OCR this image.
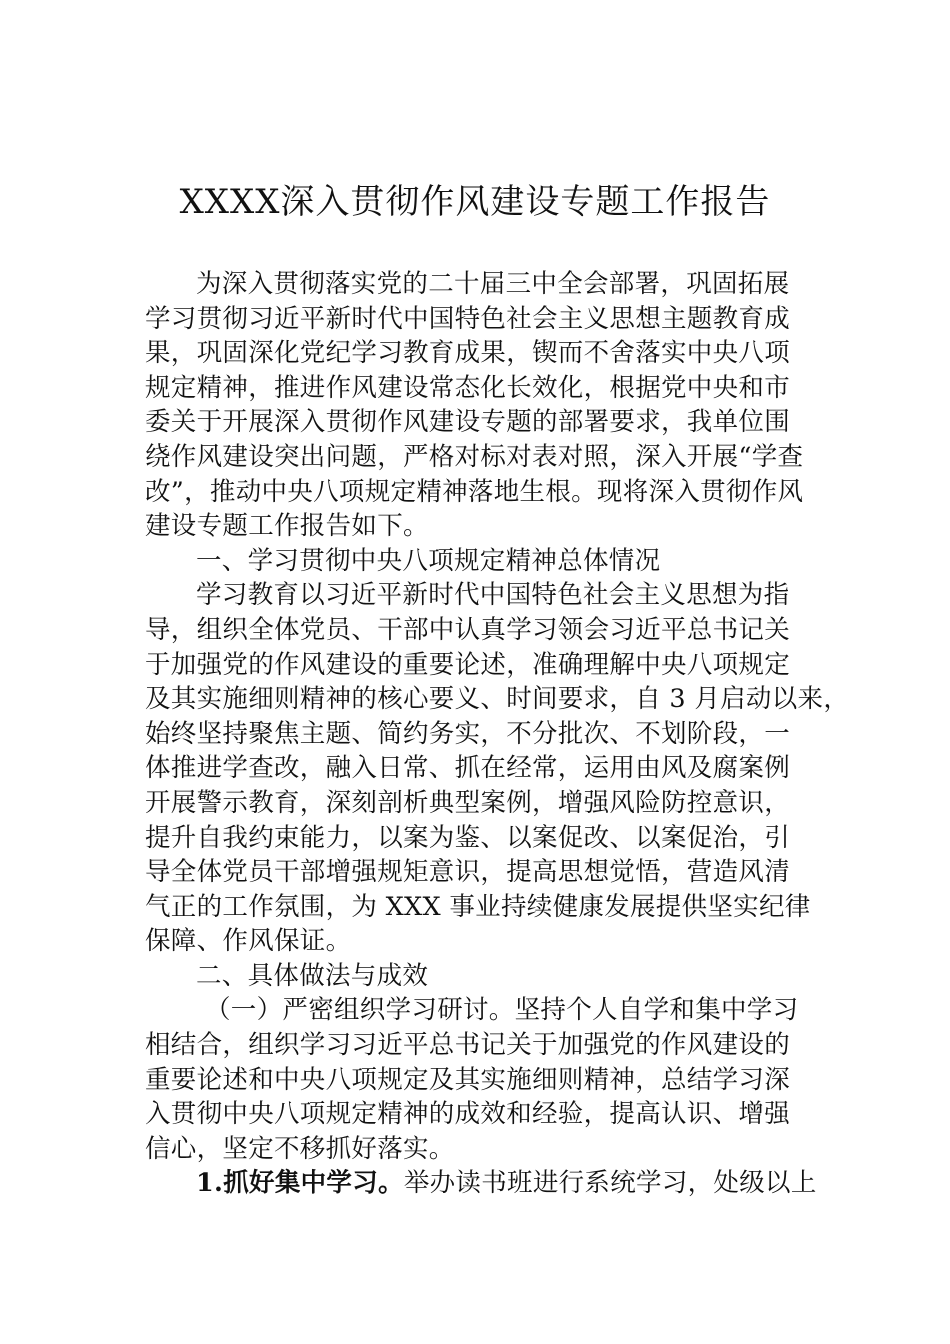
XXXX深入贯彻作风建设专题工作报告
为深入贯彻落实党的二十届三中全会部署，巩固拓展
学习贯彻习近平新时代中国特色社会主义思想主题教育成
果，巩固深化党纪学习教育成果，锲而不舍落实中央八项
规定精神，推进作风建设常态化长效化，根据党中央和市
委关于开展深入贯彻作风建设专题的部署要求，我单位围
绕作风建设突出问题，严格对标对表对照，深入开展“学查
改”，推动中央八项规定精神落地生根。现将深入贯彻作风
建设专题工作报告如下。
一、学习贯彻中央八项规定精神总体情况
学习教育以习近平新时代中国特色社会主义思想为指
导，组织全体党员、干部中认真学习领会习近平总书记关
于加强党的作风建设的重要论述，准确理解中央八项规定
及其实施细则精神的核心要义、时间要求，自 3 月启动以来，
始终坚持聚焦主题、简约务实，不分批次、不划阶段，一
体推进学查改，融入日常、抓在经常，运用由风及腐案例
开展警示教育，深刻剖析典型案例，增强风险防控意识，
提升自我约束能力，以案为鉴、以案促改、以案促治，引
导全体党员干部增强规矩意识，提高思想觉悟，营造风清
气正的工作氛围，为 XXX 事业持续健康发展提供坚实纪律
保障、作风保证。
二、具体做法与成效
（一）严密组织学习研讨。坚持个人自学和集中学习
相结合，组织学习习近平总书记关于加强党的作风建设的
重要论述和中央八项规定及其实施细则精神，总结学习深
入贯彻中央八项规定精神的成效和经验，提高认识、增强
信心，坚定不移抓好落实。
1.抓好集中学习。举办读书班进行系统学习，处级以上
